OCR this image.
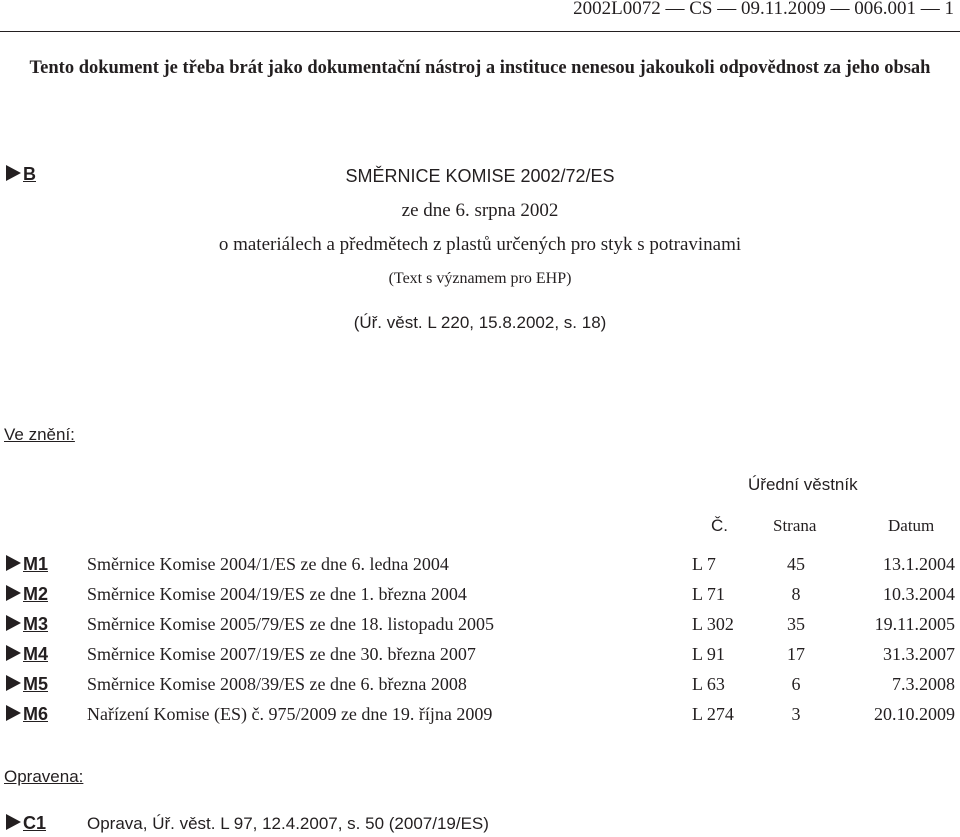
2002L0072 — CS — 09.11.2009 — 006.001 — 1
Tento dokument je třeba brát jako dokumentační nástroj a instituce nenesou jakoukoli odpovědnost za jeho obsah
B	SMĚRNICE KOMISE 2002/72/ES
ze dne 6. srpna 2002
o materiálech a předmětech z plastů určených pro styk s potravinami
(Text s významem pro EHP)
(Úř. věst. L 220, 15.8.2002, s. 18)
Ve znění:
Úřední věstník
Č.	Strana	Datum
M1 Směrnice Komise 2004/1/ES ze dne 6. ledna 2004	L 7	45	13.1.2004
M2 Směrnice Komise 2004/19/ES ze dne 1. března 2004	L 71	8	10.3.2004
M3 Směrnice Komise 2005/79/ES ze dne 18. listopadu 2005	L 302	35	19.11.2005
M4 Směrnice Komise 2007/19/ES ze dne 30. března 2007	L 91	17	31.3.2007
M5 Směrnice Komise 2008/39/ES ze dne 6. března 2008	L 63	6	7.3.2008
M6 Nařízení Komise (ES) č. 975/2009 ze dne 19. října 2009	L 274	3	20.10.2009
Opravena:
C1 Oprava, Úř. věst. L 97, 12.4.2007, s. 50 (2007/19/ES)
